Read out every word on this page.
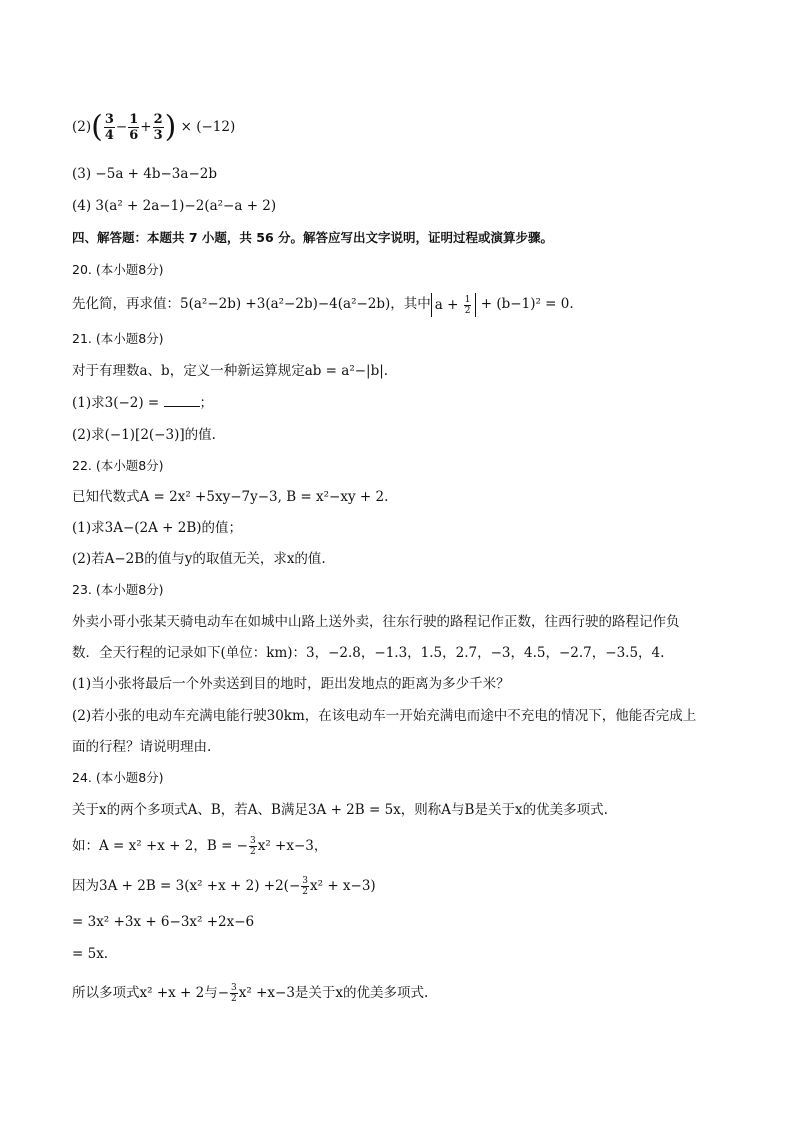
$(2)( \frac{3}{4} - \frac{1}{6} + \frac{2}{3}$ ) × (−12)
(3) −5a + 4b−3a−2b
(4) 3(a² + 2a−1)−2(a²−a + 2)
四、解答题：本题共 7 小题，共 56 分。解答应写出文字说明，证明过程或演算步骤。
20. (本小题8分)
先化简，再求值：5(a²−2b) +3(a²−2b)−4(a²−2b)，其中 $a + \frac{1}{2} + (b-1)^2 = 0$.
21. (本小题8分)
对于有理数a、b，定义一种新运算规定ab = a²−|b|.
(1)求3(−2) =	；
(2)求(−1)[2(−3)]的值.
22. (本小题8分)
已知代数式A = 2x² +5xy−7y−3, B = x²−xy + 2.
(1)求3A−(2A + 2B)的值；
(2)若A−2B的值与y的取值无关，求x的值.
23. (本小题8分)
外卖小哥小张某天骑电动车在如城中山路上送外卖，往东行驶的路程记作正数，往西行驶的路程记作负
数．全天行程的记录如下(单位：km)：3，−2.8，−1.3，1.5，2.7，−3，4.5，−2.7，−3.5，4.
(1)当小张将最后一个外卖送到目的地时，距出发地点的距离为多少千米？
(2)若小张的电动车充满电能行驶30km，在该电动车一开始充满电而途中不充电的情况下，他能否完成上
面的行程？请说明理由.
24. (本小题8分)
关于x的两个多项式A、B，若A、B满足3A + 2B = 5x，则称A与B是关于x的优美多项式.
如：A = x² +x + 2，B = − $\frac{3}{2} x^2 +x-3$，
因为$3A + 2B = 3(x^2 +x + 2) +2(- \frac{3}{2} x^2 + x-3)$
= 3x² +3x + 6−3x² +2x−6
= 5x.
所以多项式x² +x + 2与− $\frac{3}{2} x^2 +x-3$是关于x的优美多项式.
